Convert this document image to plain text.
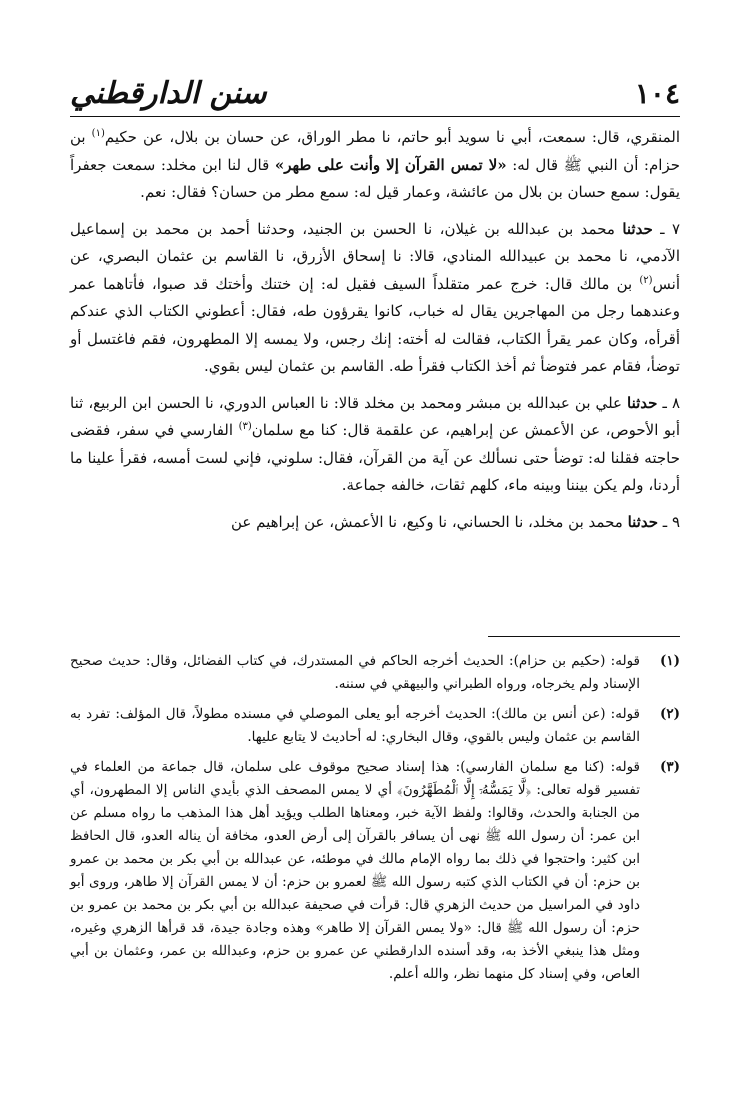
سنن الدارقطني	١٠٤

المنقري، قال: سمعت، أبي نا سويد أبو حاتم، نا مطر الوراق، عن حسان بن بلال، عن حكيم$^{(١)}$ بن حزام: أن النبي ﷺ قال له: «لا تمس القرآن إلا وأنت على طهر» قال لنا ابن مخلد: سمعت جعفراً يقول: سمع حسان بن بلال من عائشة، وعمار قيل له: سمع مطر من حسان؟ فقال: نعم.

٧ ـ حدثنا محمد بن عبدالله بن غيلان، نا الحسن بن الجنيد، وحدثنا أحمد بن محمد بن إسماعيل الآدمي، نا محمد بن عبيدالله المنادي، قالا: نا إسحاق الأزرق، نا القاسم بن عثمان البصري، عن أنس$^{(٢)}$ بن مالك قال: خرج عمر متقلداً السيف فقيل له: إن ختنك وأختك قد صبوا، فأتاهما عمر وعندهما رجل من المهاجرين يقال له خباب، كانوا يقرؤون طه، فقال: أعطوني الكتاب الذي عندكم أقرأه، وكان عمر يقرأ الكتاب، فقالت له أخته: إنك رجس، ولا يمسه إلا المطهرون، فقم فاغتسل أو توضأ، فقام عمر فتوضأ ثم أخذ الكتاب فقرأ طه. القاسم بن عثمان ليس بقوي.

٨ ـ حدثنا علي بن عبدالله بن مبشر ومحمد بن مخلد قالا: نا العباس الدوري، نا الحسن ابن الربيع، ثنا أبو الأحوص، عن الأعمش عن إبراهيم، عن علقمة قال: كنا مع سلمان$^{(٣)}$ الفارسي في سفر، فقضى حاجته فقلنا له: توضأ حتى نسألك عن آية من القرآن، فقال: سلوني، فإني لست أمسه، فقرأ علينا ما أردنا، ولم يكن بيننا وبينه ماء، كلهم ثقات، خالفه جماعة.

٩ ـ حدثنا محمد بن مخلد، نا الحساني، نا وكيع، نا الأعمش، عن إبراهيم عن

(١)
قوله: (حكيم بن حزام): الحديث أخرجه الحاكم في المستدرك، في كتاب الفضائل، وقال: حديث صحيح الإسناد ولم يخرجاه، ورواه الطبراني والبيهقي في سننه.
(٢)
قوله: (عن أنس بن مالك): الحديث أخرجه أبو يعلى الموصلي في مسنده مطولاً، قال المؤلف: تفرد به القاسم بن عثمان وليس بالقوي، وقال البخاري: له أحاديث لا يتابع عليها.
(٣)
قوله: (كنا مع سلمان الفارسي): هذا إسناد صحيح موقوف على سلمان، قال جماعة من العلماء في تفسير قوله تعالى: ﴿لَّا يَمَسُّهُۥٓ إِلَّا ٱلْمُطَهَّرُونَ﴾ أي لا يمس المصحف الذي بأيدي الناس إلا المطهرون، أي من الجنابة والحدث، وقالوا: ولفظ الآية خبر، ومعناها الطلب ويؤيد أهل هذا المذهب ما رواه مسلم عن ابن عمر: أن رسول الله ﷺ نهى أن يسافر بالقرآن إلى أرض العدو، مخافة أن يناله العدو، قال الحافظ ابن كثير: واحتجوا في ذلك بما رواه الإمام مالك في موطئه، عن عبدالله بن أبي بكر بن محمد بن عمرو بن حزم: أن في الكتاب الذي كتبه رسول الله ﷺ لعمرو بن حزم: أن لا يمس القرآن إلا طاهر، وروى أبو داود في المراسيل من حديث الزهري قال: قرأت في صحيفة عبدالله بن أبي بكر بن محمد بن عمرو بن حزم: أن رسول الله ﷺ قال: «ولا يمس القرآن إلا طاهر» وهذه وجادة جيدة، قد قرأها الزهري وغيره، ومثل هذا ينبغي الأخذ به، وقد أسنده الدارقطني عن عمرو بن حزم، وعبدالله بن عمر، وعثمان بن أبي العاص، وفي إسناد كل منهما نظر، والله أعلم.
